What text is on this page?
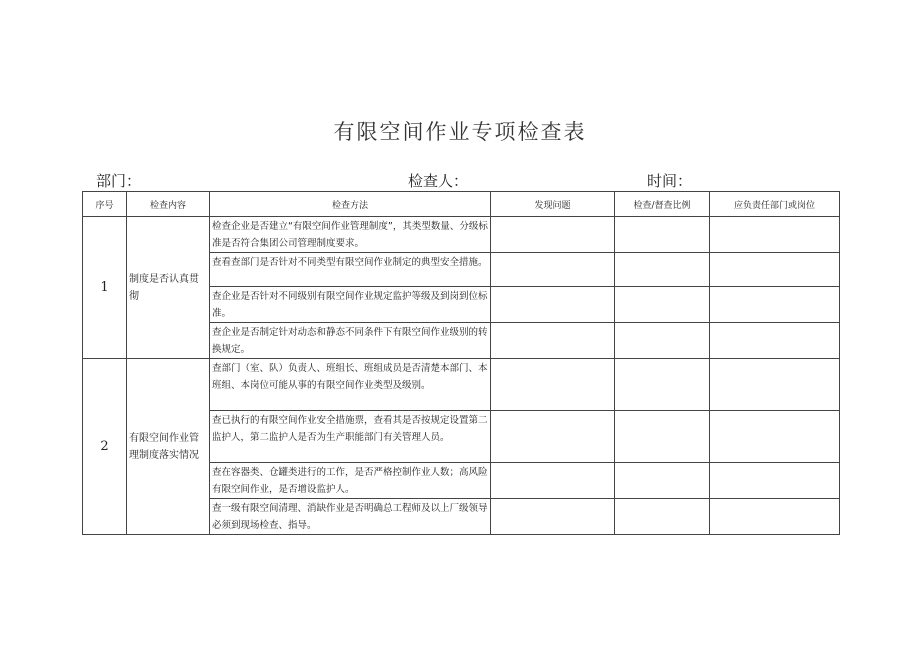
有限空间作业专项检查表
部门：	检查人：	时间：
序号	检查内容	检查方法	发现问题	检查/督查比例	应负责任部门或岗位
1	制度是否认真贯彻	检查企业是否建立“有限空间作业管理制度”，其类型数量、分级标准是否符合集团公司管理制度要求。			
		查看查部门是否针对不同类型有限空间作业制定的典型安全措施。			
		查企业是否针对不同级别有限空间作业规定监护等级及到岗到位标准。			
		查企业是否制定针对动态和静态不同条件下有限空间作业级别的转换规定。			
2	有限空间作业管理制度落实情况	查部门（室、队）负责人、班组长、班组成员是否清楚本部门、本班组、本岗位可能从事的有限空间作业类型及级别。			
		查已执行的有限空间作业安全措施票，查看其是否按规定设置第二监护人，第二监护人是否为生产职能部门有关管理人员。			
		查在容器类、仓罐类进行的工作，是否严格控制作业人数；高风险有限空间作业，是否增设监护人。			
		查一级有限空间清理、消缺作业是否明确总工程师及以上厂级领导必须到现场检查、指导。			
